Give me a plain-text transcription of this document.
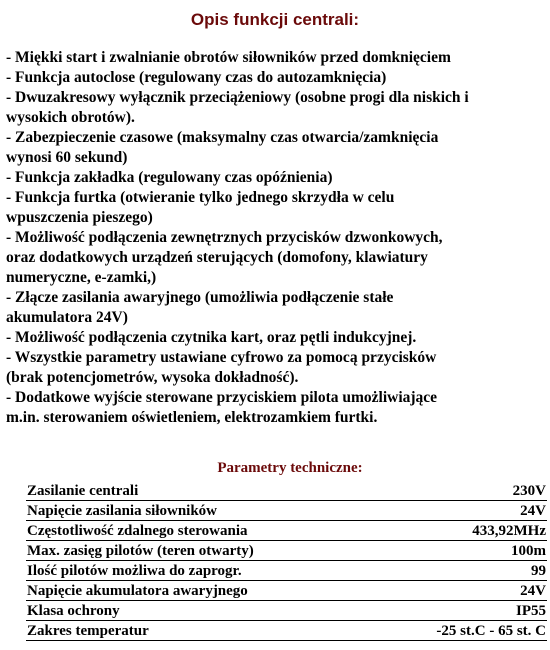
Opis funkcji centrali:
- Miękki start i zwalnianie obrotów siłowników przed domknięciem
- Funkcja autoclose (regulowany czas do autozamknięcia)
- Dwuzakresowy wyłącznik przeciążeniowy (osobne progi dla niskich i
wysokich obrotów).
- Zabezpieczenie czasowe (maksymalny czas otwarcia/zamknięcia
wynosi 60 sekund)
- Funkcja zakładka (regulowany czas opóźnienia)
- Funkcja furtka (otwieranie tylko jednego skrzydła w celu
wpuszczenia pieszego)
- Możliwość podłączenia zewnętrznych przycisków dzwonkowych,
oraz dodatkowych urządzeń sterujących (domofony, klawiatury
numeryczne, e-zamki,)
- Złącze zasilania awaryjnego (umożliwia podłączenie stałe
akumulatora 24V)
- Możliwość podłączenia czytnika kart, oraz pętli indukcyjnej.
- Wszystkie parametry ustawiane cyfrowo za pomocą przycisków
(brak potencjometrów, wysoka dokładność).
- Dodatkowe wyjście sterowane przyciskiem pilota umożliwiające
m.in. sterowaniem oświetleniem, elektrozamkiem furtki.
Parametry techniczne:
Zasilanie centrali	230V
Napięcie zasilania siłowników	24V
Częstotliwość zdalnego sterowania	433,92MHz
Max. zasięg pilotów (teren otwarty)	100m
Ilość pilotów możliwa do zaprogr.	99
Napięcie akumulatora awaryjnego	24V
Klasa ochrony	IP55
Zakres temperatur	-25 st.C - 65 st. C
